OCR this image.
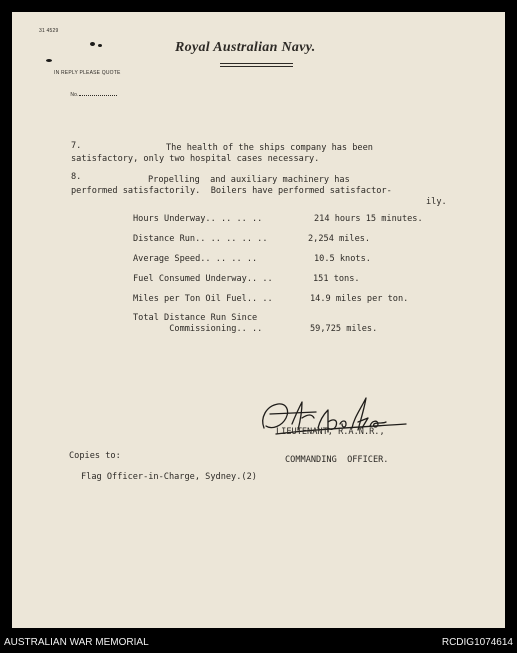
31 4529
IN REPLY PLEASE QUOTE

No.

Royal Australian Navy.
7.	The health of the ships company has been
satisfactory, only two hospital cases necessary.
8.	Propelling  and auxiliary machinery has
performed satisfactorily.  Boilers have performed satisfactor-
ily.
Hours Underway.. .. .. ..	214 hours 15 minutes.
Distance Run.. .. .. .. ..	2,254 miles.
Average Speed.. .. .. ..	10.5 knots.
Fuel Consumed Underway.. ..	151 tons.
Miles per Ton Oil Fuel.. ..	14.9 miles per ton.
Total Distance Run Since
Commissioning.. ..	59,725 miles.
LIEUTENANT, R.A.N.R.,
COMMANDING  OFFICER.
Copies to:
Flag Officer-in-Charge, Sydney.(2)
AUSTRALIAN WAR MEMORIAL	RCDIG1074614
